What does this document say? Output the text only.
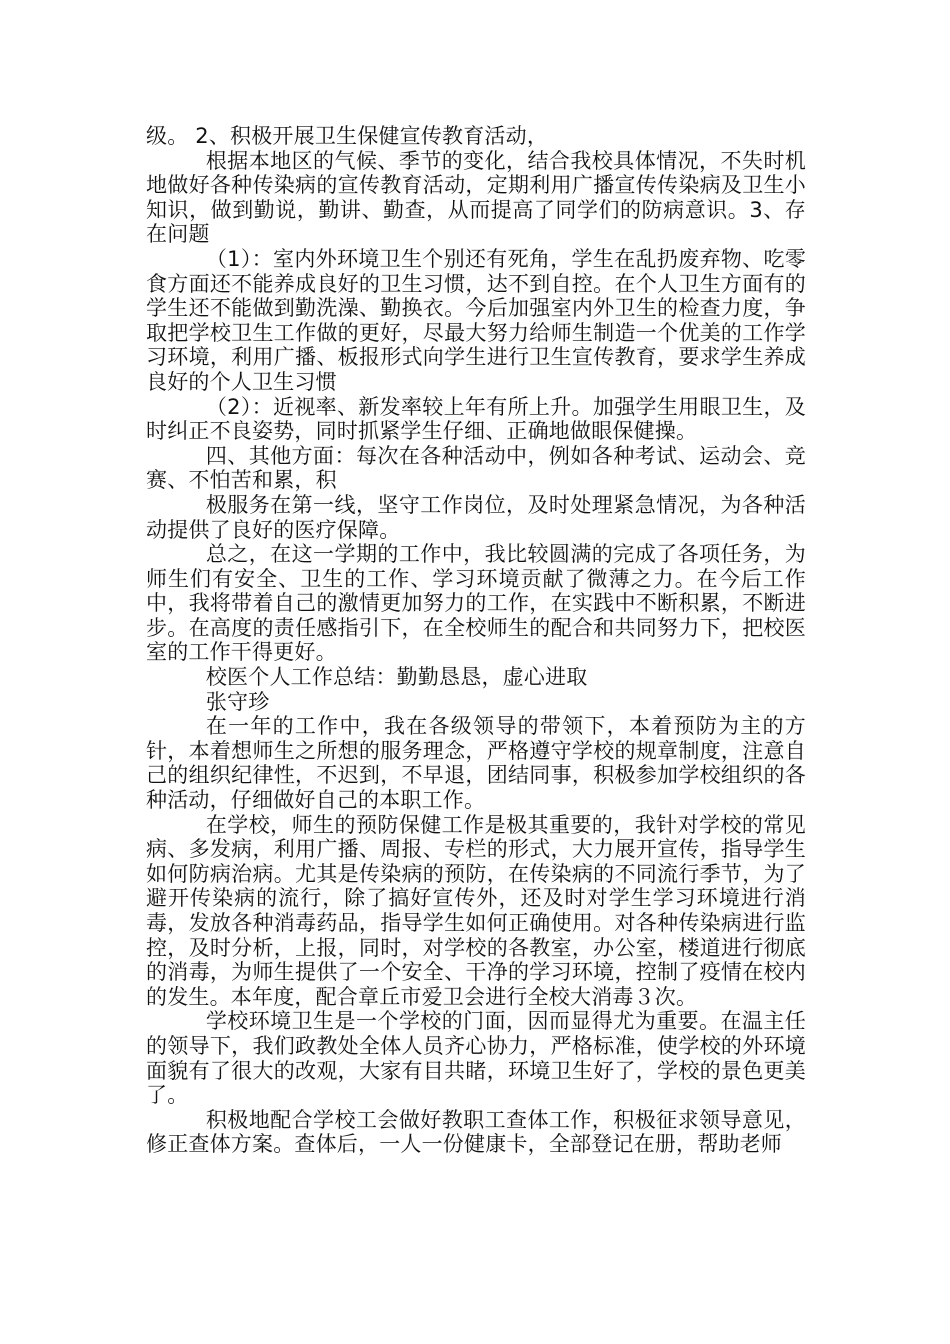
级。 2、积极开展卫生保健宣传教育活动，

根据本地区的气候、季节的变化，结合我校具体情况，不失时机地做好各种传染病的宣传教育活动，定期利用广播宣传传染病及卫生小知识，做到勤说，勤讲、勤查，从而提高了同学们的防病意识。3、存在问题

（1）：室内外环境卫生个别还有死角，学生在乱扔废弃物、吃零食方面还不能养成良好的卫生习惯，达不到自控。在个人卫生方面有的学生还不能做到勤洗澡、勤换衣。今后加强室内外卫生的检查力度，争取把学校卫生工作做的更好，尽最大努力给师生制造一个优美的工作学习环境，利用广播、板报形式向学生进行卫生宣传教育，要求学生养成良好的个人卫生习惯

（2）：近视率、新发率较上年有所上升。加强学生用眼卫生，及时纠正不良姿势，同时抓紧学生仔细、正确地做眼保健操。

四、其他方面：每次在各种活动中，例如各种考试、运动会、竞赛、不怕苦和累，积

极服务在第一线，坚守工作岗位，及时处理紧急情况，为各种活动提供了良好的医疗保障。

总之，在这一学期的工作中，我比较圆满的完成了各项任务，为师生们有安全、卫生的工作、学习环境贡献了微薄之力。在今后工作中，我将带着自己的激情更加努力的工作，在实践中不断积累，不断进步。在高度的责任感指引下，在全校师生的配合和共同努力下，把校医室的工作干得更好。

校医个人工作总结：勤勤恳恳，虚心进取

张守珍

在一年的工作中，我在各级领导的带领下，本着预防为主的方针，本着想师生之所想的服务理念，严格遵守学校的规章制度，注意自己的组织纪律性，不迟到，不早退，团结同事，积极参加学校组织的各种活动，仔细做好自己的本职工作。

在学校，师生的预防保健工作是极其重要的，我针对学校的常见病、多发病，利用广播、周报、专栏的形式，大力展开宣传，指导学生如何防病治病。尤其是传染病的预防，在传染病的不同流行季节，为了避开传染病的流行，除了搞好宣传外，还及时对学生学习环境进行消毒，发放各种消毒药品，指导学生如何正确使用。对各种传染病进行监控，及时分析，上报，同时，对学校的各教室，办公室，楼道进行彻底的消毒，为师生提供了一个安全、干净的学习环境，控制了疫情在校内的发生。本年度，配合章丘市爱卫会进行全校大消毒３次。

学校环境卫生是一个学校的门面，因而显得尤为重要。在温主任的领导下，我们政教处全体人员齐心协力，严格标准，使学校的外环境面貌有了很大的改观，大家有目共睹，环境卫生好了，学校的景色更美了。

积极地配合学校工会做好教职工查体工作，积极征求领导意见，修正查体方案。查体后，一人一份健康卡，全部登记在册，帮助老师
